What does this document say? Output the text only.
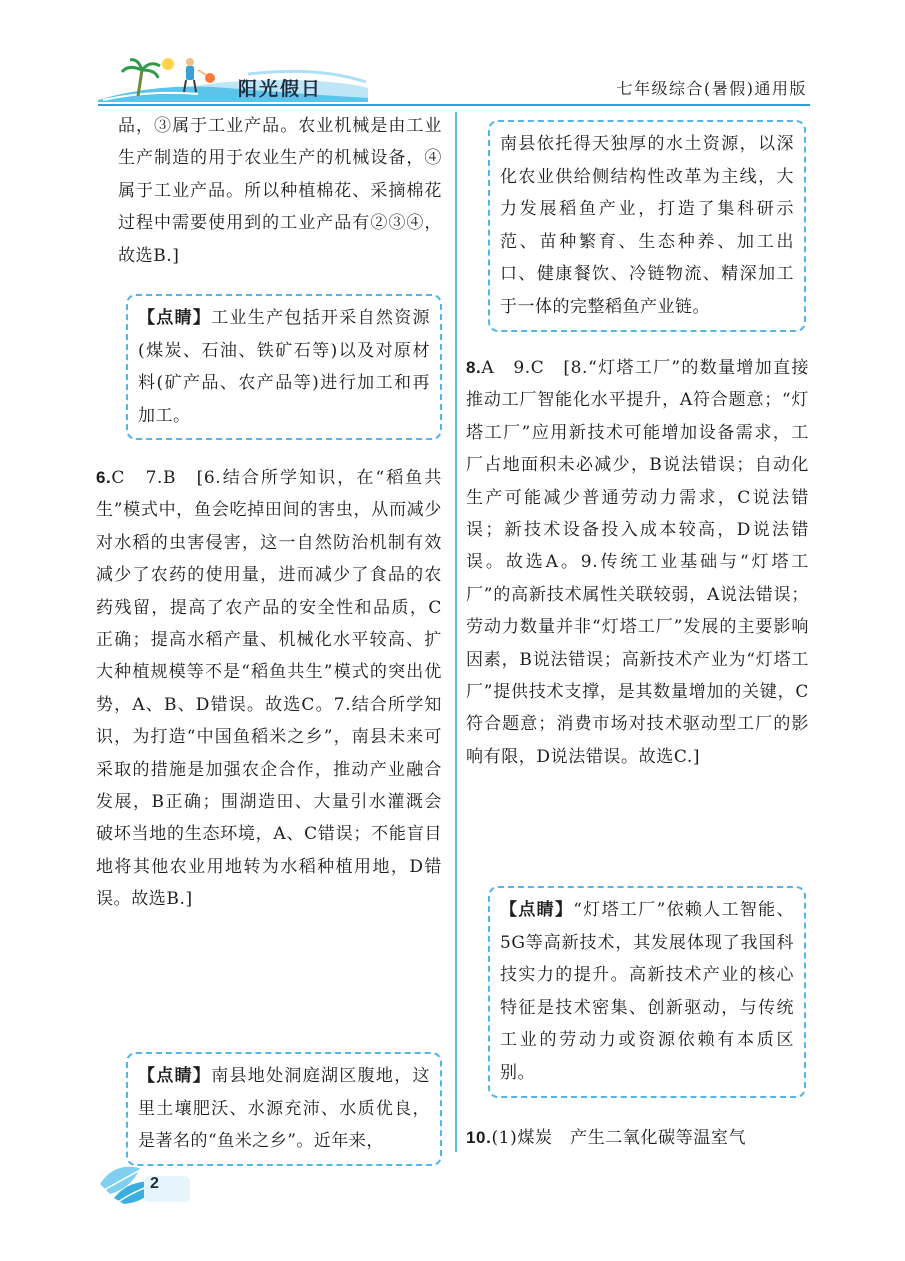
阳光假日	七年级综合(暑假)通用版
品，③属于工业产品。农业机械是由工业生产制造的用于农业生产的机械设备，④属于工业产品。所以种植棉花、采摘棉花过程中需要使用到的工业产品有②③④，故选B.]
【点睛】工业生产包括开采自然资源(煤炭、石油、铁矿石等)以及对原材料(矿产品、农产品等)进行加工和再加工。
6.C　7.B　[6.结合所学知识，在“稻鱼共生”模式中，鱼会吃掉田间的害虫，从而减少对水稻的虫害侵害，这一自然防治机制有效减少了农药的使用量，进而减少了食品的农药残留，提高了农产品的安全性和品质，C正确；提高水稻产量、机械化水平较高、扩大种植规模等不是“稻鱼共生”模式的突出优势，A、B、D错误。故选C。7.结合所学知识，为打造“中国鱼稻米之乡”，南县未来可采取的措施是加强农企合作，推动产业融合发展，B正确；围湖造田、大量引水灌溉会破坏当地的生态环境，A、C错误；不能盲目地将其他农业用地转为水稻种植用地，D错误。故选B.]
【点睛】南县地处洞庭湖区腹地，这里土壤肥沃、水源充沛、水质优良，是著名的“鱼米之乡”。近年来，
南县依托得天独厚的水土资源，以深化农业供给侧结构性改革为主线，大力发展稻鱼产业，打造了集科研示范、苗种繁育、生态种养、加工出口、健康餐饮、冷链物流、精深加工于一体的完整稻鱼产业链。
8.A　9.C　[8.“灯塔工厂”的数量增加直接推动工厂智能化水平提升，A符合题意；“灯塔工厂”应用新技术可能增加设备需求，工厂占地面积未必减少，B说法错误；自动化生产可能减少普通劳动力需求，C说法错误；新技术设备投入成本较高，D说法错误。故选A。9.传统工业基础与“灯塔工厂”的高新技术属性关联较弱，A说法错误；劳动力数量并非“灯塔工厂”发展的主要影响因素，B说法错误；高新技术产业为“灯塔工厂”提供技术支撑，是其数量增加的关键，C符合题意；消费市场对技术驱动型工厂的影响有限，D说法错误。故选C.]
【点睛】“灯塔工厂”依赖人工智能、5G等高新技术，其发展体现了我国科技实力的提升。高新技术产业的核心特征是技术密集、创新驱动，与传统工业的劳动力或资源依赖有本质区别。
10.(1)煤炭　产生二氧化碳等温室气
2
